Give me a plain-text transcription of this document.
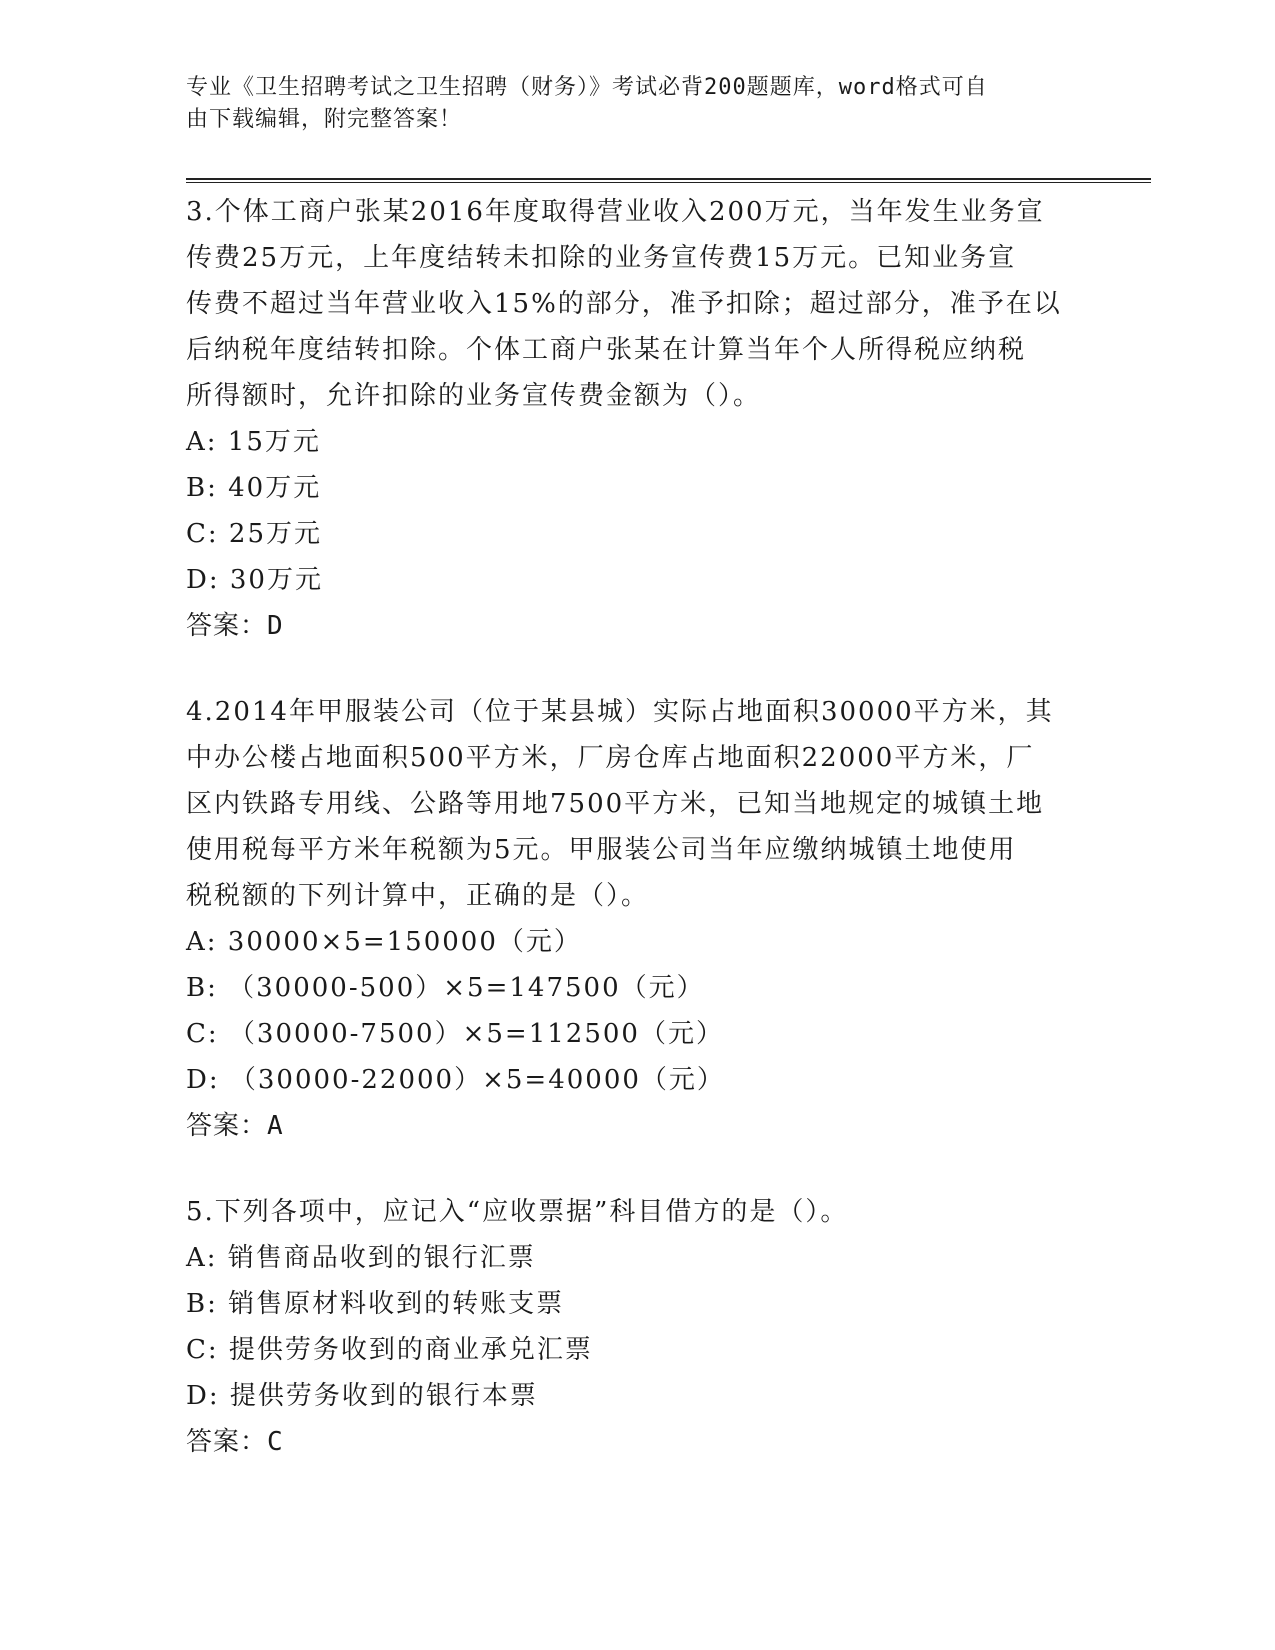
专业《卫生招聘考试之卫生招聘（财务）》考试必背200题题库，word格式可自
由下载编辑，附完整答案！

3.个体工商户张某2016年度取得营业收入200万元，当年发生业务宣

传费25万元，上年度结转未扣除的业务宣传费15万元。已知业务宣

传费不超过当年营业收入15%的部分，准予扣除；超过部分，准予在以

后纳税年度结转扣除。个体工商户张某在计算当年个人所得税应纳税

所得额时，允许扣除的业务宣传费金额为（）。

A: 15万元

B: 40万元

C: 25万元

D: 30万元

答案：D

4.2014年甲服装公司（位于某县城）实际占地面积30000平方米，其

中办公楼占地面积500平方米，厂房仓库占地面积22000平方米，厂

区内铁路专用线、公路等用地7500平方米，已知当地规定的城镇土地

使用税每平方米年税额为5元。甲服装公司当年应缴纳城镇土地使用

税税额的下列计算中，正确的是（）。

A: 30000×5=150000（元）

B: （30000-500）×5=147500（元）

C: （30000-7500）×5=112500（元）

D: （30000-22000）×5=40000（元）

答案：A

5.下列各项中，应记入“应收票据”科目借方的是（）。

A: 销售商品收到的银行汇票

B: 销售原材料收到的转账支票

C: 提供劳务收到的商业承兑汇票

D: 提供劳务收到的银行本票

答案：C
